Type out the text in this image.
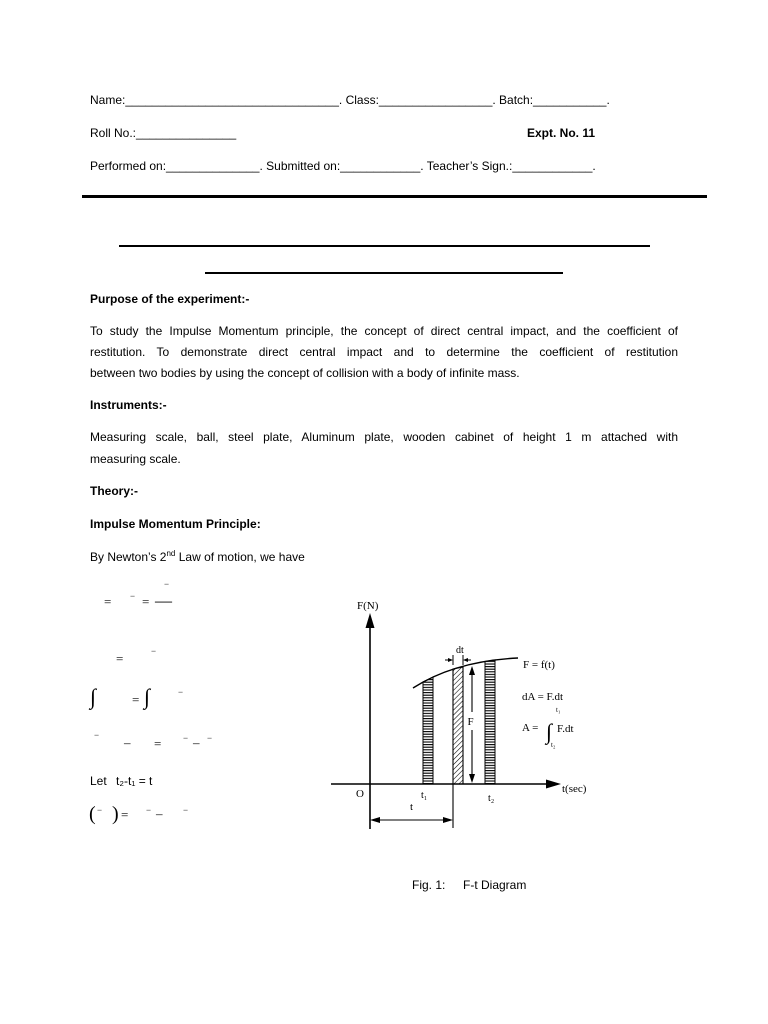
Name:________________________________. Class:_________________. Batch:___________.
Roll No.:_______________	Expt. No. 11
Performed on:______________. Submitted on:____________. Teacher’s Sign.:____________.
Purpose of the experiment:-
To study the Impulse Momentum principle, the concept of direct central impact, and the coefficient of
restitution. To demonstrate direct central impact and to determine the coefficient of restitution
between two bodies by using the concept of collision with a body of infinite mass.
Instruments:-
Measuring scale, ball, steel plate, Aluminum plate, wooden cabinet of height 1 m attached with
measuring scale.
Theory:-
Impulse Momentum Principle:
By Newton’s 2nd Law of motion, we have
= − = —
−
=	−
∫	= ∫	−
− – = − – −
( − ) = − – −
Let t₂-t₁ = t
dt
F
F(N)
F = f(t)
dA = F.dt
A = ∫
t₁
t₂
F.dt
O	t₁	t₂
t
t(sec)
Fig. 1: F-t Diagram
